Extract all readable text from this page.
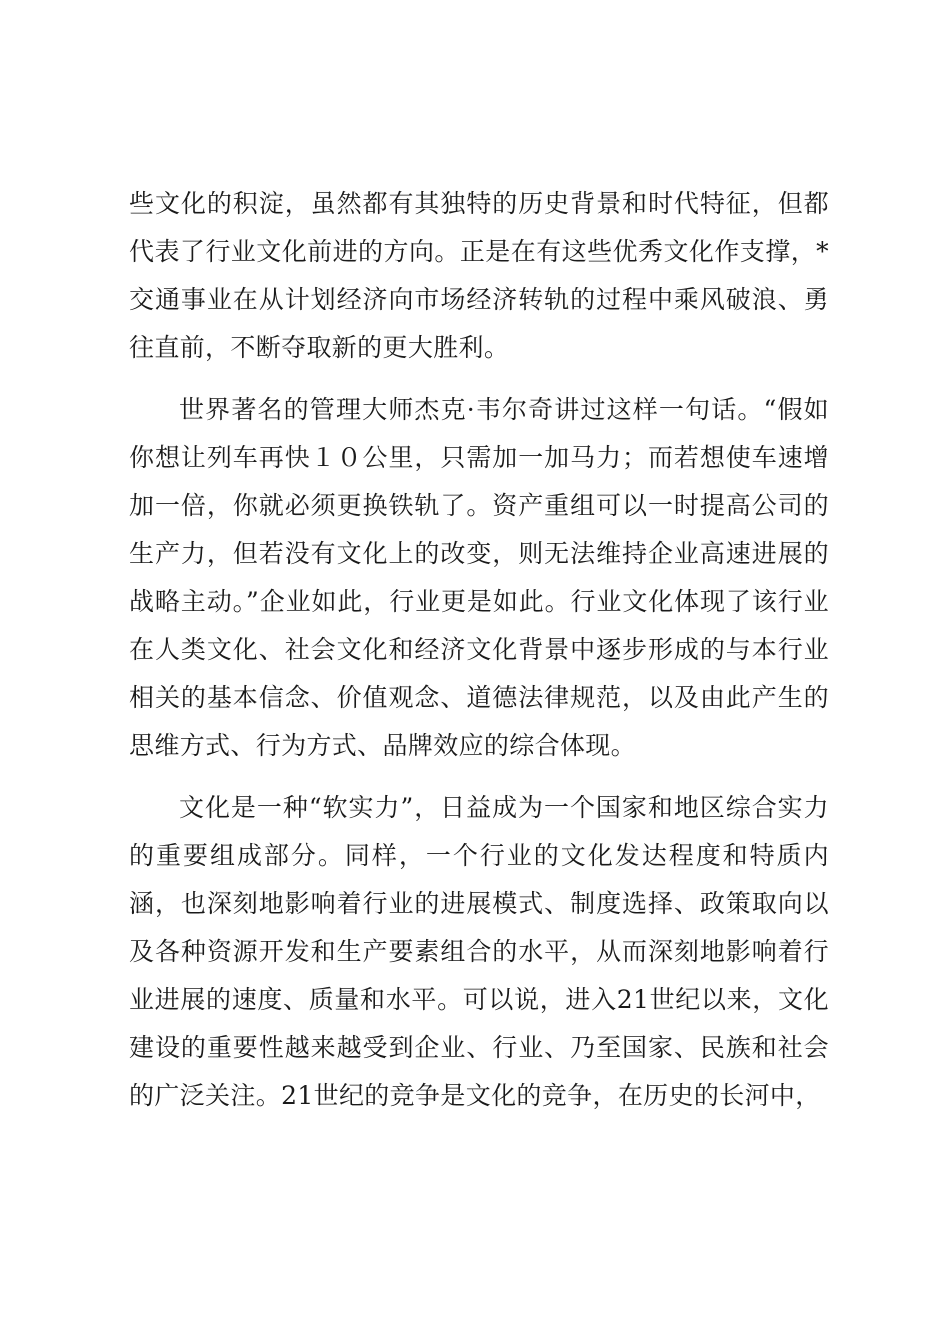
些文化的积淀，虽然都有其独特的历史背景和时代特征，但都代表了行业文化前进的方向。正是在有这些优秀文化作支撑，*交通事业在从计划经济向市场经济转轨的过程中乘风破浪、勇往直前，不断夺取新的更大胜利。

世界著名的管理大师杰克·韦尔奇讲过这样一句话。“假如你想让列车再快１０公里，只需加一加马力；而若想使车速增加一倍，你就必须更换铁轨了。资产重组可以一时提高公司的生产力，但若没有文化上的改变，则无法维持企业高速进展的战略主动。”企业如此，行业更是如此。行业文化体现了该行业在人类文化、社会文化和经济文化背景中逐步形成的与本行业相关的基本信念、价值观念、道德法律规范，以及由此产生的思维方式、行为方式、品牌效应的综合体现。

文化是一种“软实力”，日益成为一个国家和地区综合实力的重要组成部分。同样，一个行业的文化发达程度和特质内涵，也深刻地影响着行业的进展模式、制度选择、政策取向以及各种资源开发和生产要素组合的水平，从而深刻地影响着行业进展的速度、质量和水平。可以说，进入21世纪以来，文化建设的重要性越来越受到企业、行业、乃至国家、民族和社会的广泛关注。21世纪的竞争是文化的竞争，在历史的长河中，
